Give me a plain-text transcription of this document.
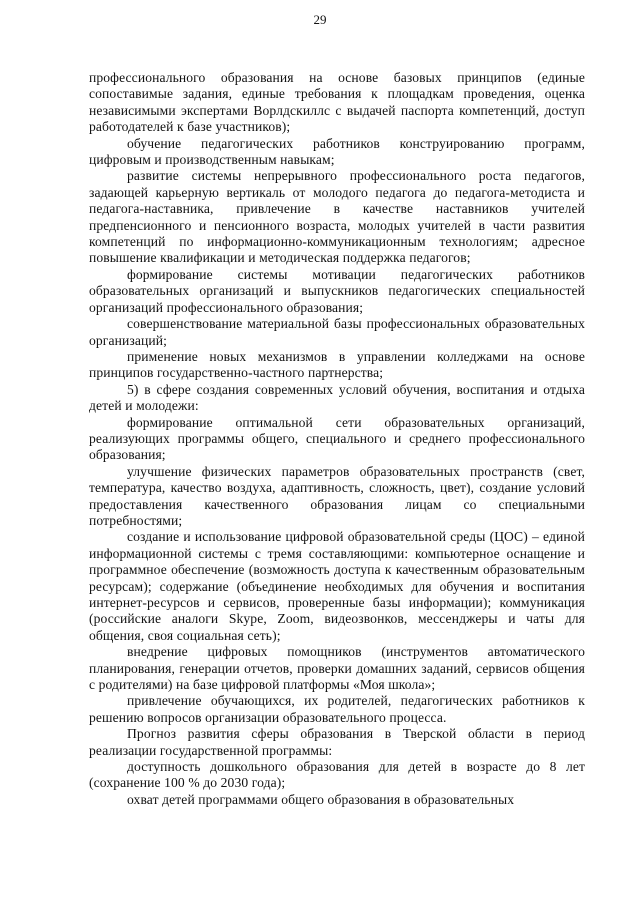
29

профессионального образования на основе базовых принципов (единые сопоставимые задания, единые требования к площадкам проведения, оценка независимыми экспертами Ворлдскиллс с выдачей паспорта компетенций, доступ работодателей к базе участников);

обучение педагогических работников конструированию программ, цифровым и производственным навыкам;

развитие системы непрерывного профессионального роста педагогов, задающей карьерную вертикаль от молодого педагога до педагога-методиста и педагога-наставника, привлечение в качестве наставников учителей предпенсионного и пенсионного возраста, молодых учителей в части развития компетенций по информационно-коммуникационным технологиям; адресное повышение квалификации и методическая поддержка педагогов;

формирование системы мотивации педагогических работников образовательных организаций и выпускников педагогических специальностей организаций профессионального образования;

совершенствование материальной базы профессиональных образовательных организаций;

применение новых механизмов в управлении колледжами на основе принципов государственно-частного партнерства;

5) в сфере создания современных условий обучения, воспитания и отдыха детей и молодежи:

формирование оптимальной сети образовательных организаций, реализующих программы общего, специального и среднего профессионального образования;

улучшение физических параметров образовательных пространств (свет, температура, качество воздуха, адаптивность, сложность, цвет), создание условий предоставления качественного образования лицам со специальными потребностями;

создание и использование цифровой образовательной среды (ЦОС) – единой информационной системы с тремя составляющими: компьютерное оснащение и программное обеспечение (возможность доступа к качественным образовательным ресурсам); содержание (объединение необходимых для обучения и воспитания интернет-ресурсов и сервисов, проверенные базы информации); коммуникация (российские аналоги Skype, Zoom, видеозвонков, мессенджеры и чаты для общения, своя социальная сеть);

внедрение цифровых помощников (инструментов автоматического планирования, генерации отчетов, проверки домашних заданий, сервисов общения с родителями) на базе цифровой платформы «Моя школа»;

привлечение обучающихся, их родителей, педагогических работников к решению вопросов организации образовательного процесса.

Прогноз развития сферы образования в Тверской области в период реализации государственной программы:

доступность дошкольного образования для детей в возрасте до 8 лет (сохранение 100 % до 2030 года);

охват детей программами общего образования в образовательных
